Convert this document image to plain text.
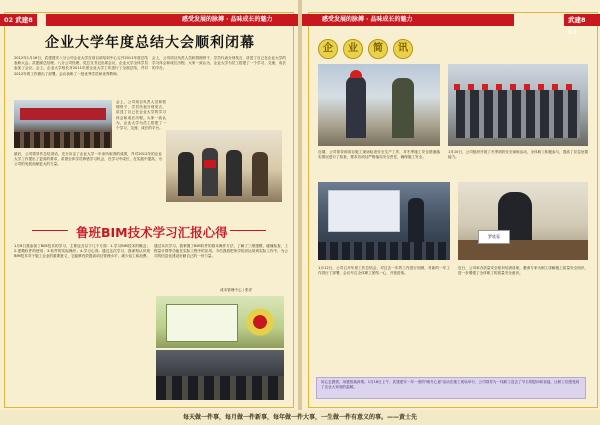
02 武建8	感受发展的脉搏 · 品味成长的魅力
企业大学年度总结大会顺利闭幕
2012年1月16日，武建建安八分公司企业大学在项目部培训中心召开2011年度总结表彰大会。武建副总经理、八分公司经理、党总支书记出席会议，企业大学全体学员参加了会议。会上，企业大学校长对2011年度企业大学工作进行了全面总结，并对2012年的工作做出了部署。会议表彰了一批优秀学员和优秀教师。
会上，公司项目负责人员和管理骨干、学员代表分别发言，讲述了自己在企业大学的学习体会和成长历程。大家一致认为，企业大学为员工搭建了一个学习、交流、成长的平台。
会上，公司项目负责人员和管理骨干、学员代表分别发言，讲述了自己在企业大学的学习体会和成长历程。大家一致认为，企业大学为员工搭建了一个学习、交流、成长的平台。
最后，公司领导作总结讲话，充分肯定了企业大学一年来所取得的成绩，并对2012年的企业大学工作提出了更高的要求，希望全体学员珍惜学习机会，在学习中成长，在实践中提高，为公司的发展贡献更大的力量。
鲁班BIM技术学习汇报心得
1月8日我参加了BIM技术的学习，主要包含以下几个方面：1.学习BIM技术的概念；2.建模软件的使用；3.软件的实际操作；4.学习心得。通过这次学习，我深刻认识到BIM技术对于施工企业的重要意义，它能够有效提高项目管理水平，减少返工和浪费。
通过本次学习，我掌握了BIM软件的基本操作方法，了解了三维建模、碰撞检查、工程量计算等功能在实际工程中的应用。今后我将把所学知识运用到实际工作中，为公司的信息化建设贡献自己的一份力量。
成本管理中心 / 张洋
感受发展的脉搏 · 品味成长的魅力	武建8 03
企 业 简 讯
近期，公司领导到项目施工现场检查安全生产工作，对冬季施工安全措施落实情况进行了检查，要求各项目严格落实安全责任，确保施工安全。
1月10日，公司组织开展了冬季消防安全演练活动，全体职工积极参与，提高了应急处置能力。
罗欣蓉
1月12日，公司召开年度工作总结会，对过去一年的工作进行回顾，对新的一年工作进行了部署，会议号召全体职工团结一心，开拓进取。
近日，公司举办质量安全知识培训讲座，邀请专家为职工讲解施工质量安全知识，进一步增强了全体职工的质量安全意识。
用心去感悟，用感悟换真情。1月18日上午，武建建安一年一度的"暖冬心意"活动在施工现场举行，公司领导为一线职工送去了节日的慰问和祝福，让职工们感受到了企业大家庭的温暖。
每天做一件事，每月做一件新事，每年做一件大事，一生做一件有意义的事。——黄士先
